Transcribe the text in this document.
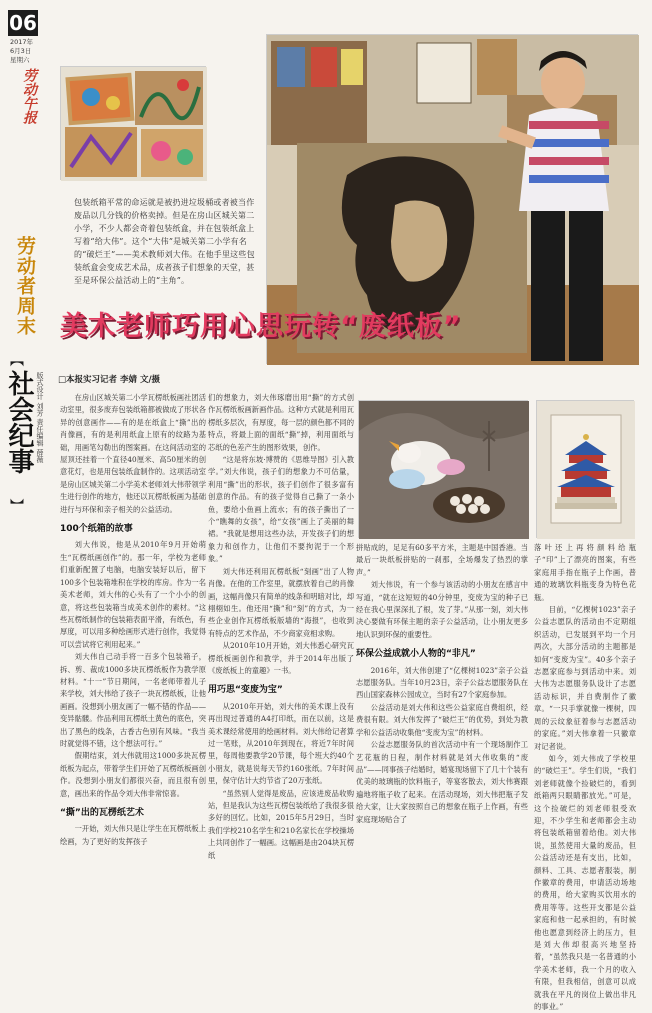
06
2017年
6月3日
星期六
劳动午报
劳动者周末
︻
社会纪事
︼
版式设计 刘芳 责任编辑 薛薇
包装纸箱平常的命运就是被扔进垃圾桶或者被当作废品以几分钱的价格卖掉。但是在房山区城关第二小学，不少人都会奇着包装纸盒，并在包装纸盒上写着“给大伟”。这个“大伟”是城关第二小学有名的“破烂王”——美术教师刘大伟。在他手里这些包装纸盒会变成艺术品，成者孩子们想象的天堂，甚至是环保公益活动上的“主角”。
美术老师巧用心思玩转“废纸板”
□本报实习记者 李婧 文/摄

在房山区城关第二小学瓦楞纸板画社团活动室里，很多废弃包装纸箱都被做成了形状各异的创意画作——有的是在纸盒上“撕”出的肖像画，有的是利用纸盒上原有的纹路为基础，用画笔勾勒出的图案画。在这间活动室的屋顶还挂着一个直径40厘米、高50厘米的创意花灯，也是用包装纸盒制作的。这项活动室是房山区城关第二小学美术老师刘大伟带领学生进行创作的地方，他还以瓦楞纸板画为基础进行与环保和亲子相关的公益活动。

100个纸箱的故事

刘大伟说，他是从2010年9月开始萌生“瓦楞纸画创作”的。那一年，学校为老师们重新配置了电脑，电脑安装好以后，留下100多个包装箱堆积在学校的库房。作为一名美术老师，刘大伟的心头有了一个小小的创意，将这些包装箱当成美术创作的素材。“这些瓦楞纸制作的包装箱表面平滑，有纸色，有厚度，可以用多种绘画形式进行创作，我觉得可以尝试将它利用起来。”

刘大伟自己动手将一百多个包装箱子，拆、剪、裁成1000多块瓦楞纸板作为教学原材料。“十一”节日期间，一名老师带着儿子来学校，刘大伟给了孩子一块瓦楞纸板，让他画画。没想到小朋友画了一幅不错的作品——变异骷髅。作品利用瓦楞纸土黄色的底色，突出了黑色的线条，古香古色别有风味。“我当时就觉得不错，这个想法可行。”

假期结束，刘大伟就用这1000多块瓦楞纸板为起点，带着学生们开始了瓦楞纸板画创作。没想到小朋友们都很兴奋，而且很有创意，画出来的作品令刘大伟非常惊喜。

“撕”出的瓦楞纸艺术

一开始，刘大伟只是让学生在瓦楞纸板上绘画，为了更好的发挥孩子

们的想象力，刘大伟琢磨出用“撕”的方式创作瓦楞纸板画新画作品。这种方式就是利用瓦楞纸多层次，有厚度，每一层的颜色都不同的特点，将最上面的面纸“撕”掉，利用面纸与芯纸的色差产生的图形效果，创作。

“这是将东坡·博赞的《思维导图》引入教学。”刘大伟说，孩子们的想象力不可估量，利用“撕”出的形状，孩子们创作了很多富有创意的作品。有的孩子觉得自己撕了一条小鱼，要给小鱼画上流水；有的孩子撕出了一个“瞧舞的女孩”，给“女孩”画上了美丽的舞裙。“我就是想用这些办法，开发孩子们的想象力和创作力，让他们不要拘泥于一个形象。”

刘大伟还利用瓦楞纸板“刻画”出了人物肖像。在他的工作室里，就摆放着自己的肖像画，这幅肖像只有简单的线条和明暗对比，却栩栩如生。他还用“撕”和“刻”的方式，为一些企业创作瓦楞纸板版墙的“海报”，也收到有特点的艺术作品，不少商家竞相求购。

从2010年10月开始，刘大伟悉心研究瓦楞纸板画创作和教学，并于2014年出版了《废纸板上的童趣》一书。

用巧思“变废为宝”

从2010年开始，刘大伟的美术课上没有再出现过普通的A4打印纸，而在以前，这是美术课经常使用的绘画材料。刘大伟给记者算过一笔账，从2010年到现在，将近7年时间里，每周他要教学20节课，每个班大约40个小朋友，就是说每天节约160张纸。7年时间里，保守估计大约节省了20万张纸。

“虽然别人觉得是废品，应该进废品收购站，但是我认为这些瓦楞包装纸给了我很多很多好的回忆。比如，2015年5月29日，当时我们学校210名学生和210名家长在学校操场上共同创作了一幅画。这幅画是由204块瓦楞纸

拼贴成的，足足有60多平方米，主题是中国香港。当最后一块纸板拼贴的一刹那，全场爆发了热烈的掌声。”

刘大伟说，有一个参与该活动的小朋友在感言中写道，“就在这短短的40分钟里，变废为宝的种子已经在我心里深深扎了根，发了芽。”从那一刻，刘大伟决心要做有环保主题的亲子公益活动，让小朋友更多地认识到环保的重要性。

环保公益成就小人物的“非凡”

2016年，刘大伟创建了“亿棵树1023”亲子公益志愿服务队。当年10月23日，亲子公益志愿服务队在西山国家森林公园成立，当时有27个家庭参加。

公益活动是刘大伟和这些公益家庭自费组织，经费很有限。刘大伟发挥了“破烂王”的优势，到处为教学和公益活动收集他“变废为宝”的材料。

公益志愿服务队的首次活动中有一个现场制作工艺花瓶的日程，制作材料就是刘大伟收集的“废品”——同事孩子结婚时，婚宴现场留下了几十个装有优美的玻璃瓶的饮料瓶子，等宴客散去，刘大伟赛跟遍地将瓶子收了起来。在活动现场，刘大伟把瓶子发给大家，让大家按照自己的想象在瓶子上作画，有些家庭现场贴合了

落叶还上再将颜料给瓶子“印”上了漂亮的图案，有些家庭用手指在瓶子上作画，普通的玻璃饮料瓶变身为特色花瓶。

目前，“亿棵树1023”亲子公益志愿队的活动由不定期组织活动，已发展到平均一个月两次，大部分活动的主题都是如何“变废为宝”。40多个亲子志愿家庭参与到活动中来。刘大伟为志愿服务队设计了志愿活动标识，并自费制作了徽章。“一只手掌就像一棵树，四周的云纹象征着参与志愿活动的家庭。”刘大伟拿着一只徽章对记者说。

如今，刘大伟成了学校里的“破烂王”。学生们说，“我们刘老师就像个捡破烂的，看到纸箱两只眼睛都放光。”可是，这个捡破烂的刘老师很受欢迎，不少学生和老师都会主动将包装纸箱留着给他。刘大伟说，虽然使用大量的废品，但公益活动还是有支出，比如，颜料、工具、志愿者服装，制作徽章的费用，申请活动场地的费用，给大家购买饮用水的费用等等。这些开支都是公益家庭和他一起承担的，有时候他也愿意到经济上的压力，但是刘大伟却很高兴地坚持着，“虽然我只是一名普通的小学美术老师，我一个月的收入有限，但我相信，创意可以成就我在平凡的岗位上做出非凡的事业。”
